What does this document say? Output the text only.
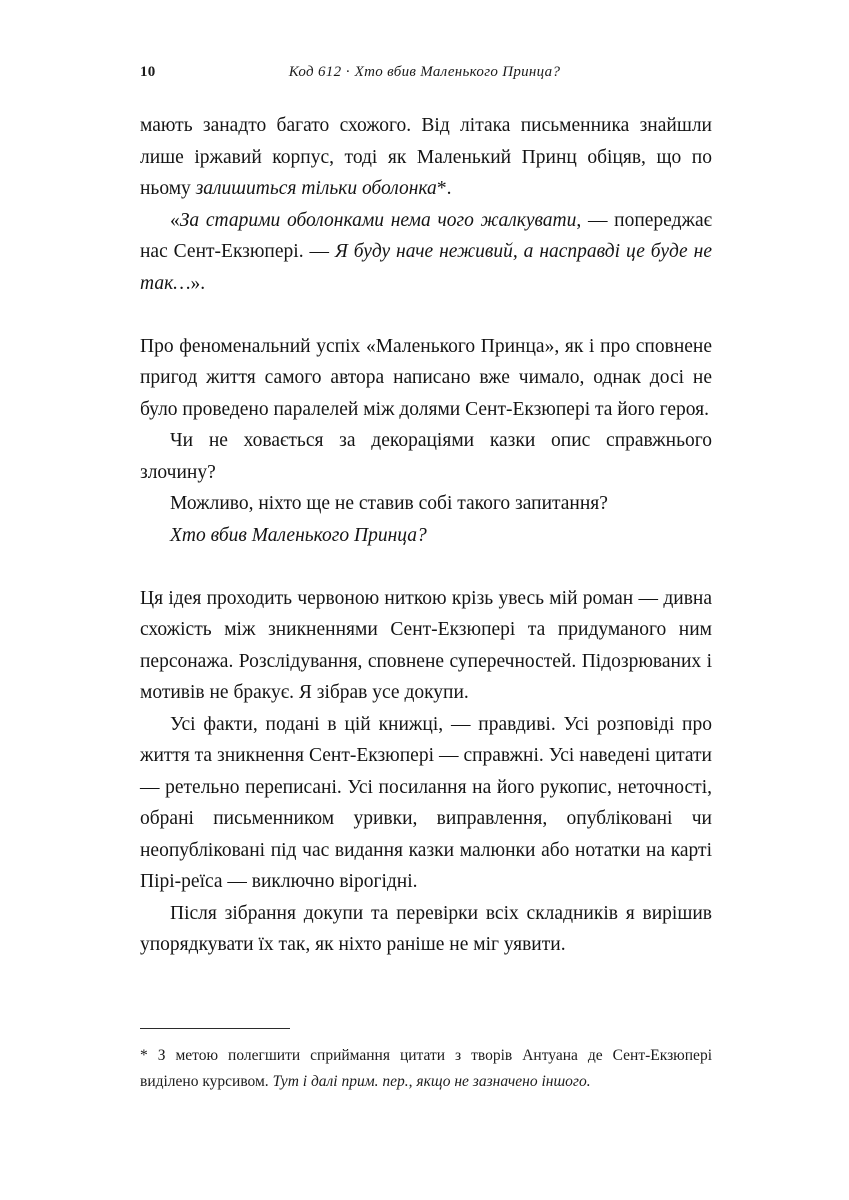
10	Код 612 · Хто вбив Маленького Принца?

мають занадто багато схожого. Від літака письменника знайшли лише іржавий корпус, тоді як Маленький Принц обіцяв, що по ньому залишиться тільки оболонка*.

«За старими оболонками нема чого жалкувати, — попереджає нас Сент-Екзюпері. — Я буду наче неживий, а насправді це буде не так…».

Про феноменальний успіх «Маленького Принца», як і про сповнене пригод життя самого автора написано вже чимало, однак досі не було проведено паралелей між долями Сент-Екзюпері та його героя.

Чи не ховається за декораціями казки опис справжнього злочину?

Можливо, ніхто ще не ставив собі такого запитання?

Хто вбив Маленького Принца?

Ця ідея проходить червоною ниткою крізь увесь мій роман — дивна схожість між зникненнями Сент-Екзюпері та придуманого ним персонажа. Розслідування, сповнене суперечностей. Підозрюваних і мотивів не бракує. Я зібрав усе докупи.

Усі факти, подані в цій книжці, — правдиві. Усі розповіді про життя та зникнення Сент-Екзюпері — справжні. Усі наведені цитати — ретельно переписані. Усі посилання на його рукопис, неточності, обрані письменником уривки, виправлення, опубліковані чи неопубліковані під час видання казки малюнки або нотатки на карті Пірі-реїса — виключно вірогідні.

Після зібрання докупи та перевірки всіх складників я вирішив упорядкувати їх так, як ніхто раніше не міг уявити.

* З метою полегшити сприймання цитати з творів Антуана де Сент-Екзюпері виділено курсивом. Тут і далі прим. пер., якщо не зазначено іншого.
